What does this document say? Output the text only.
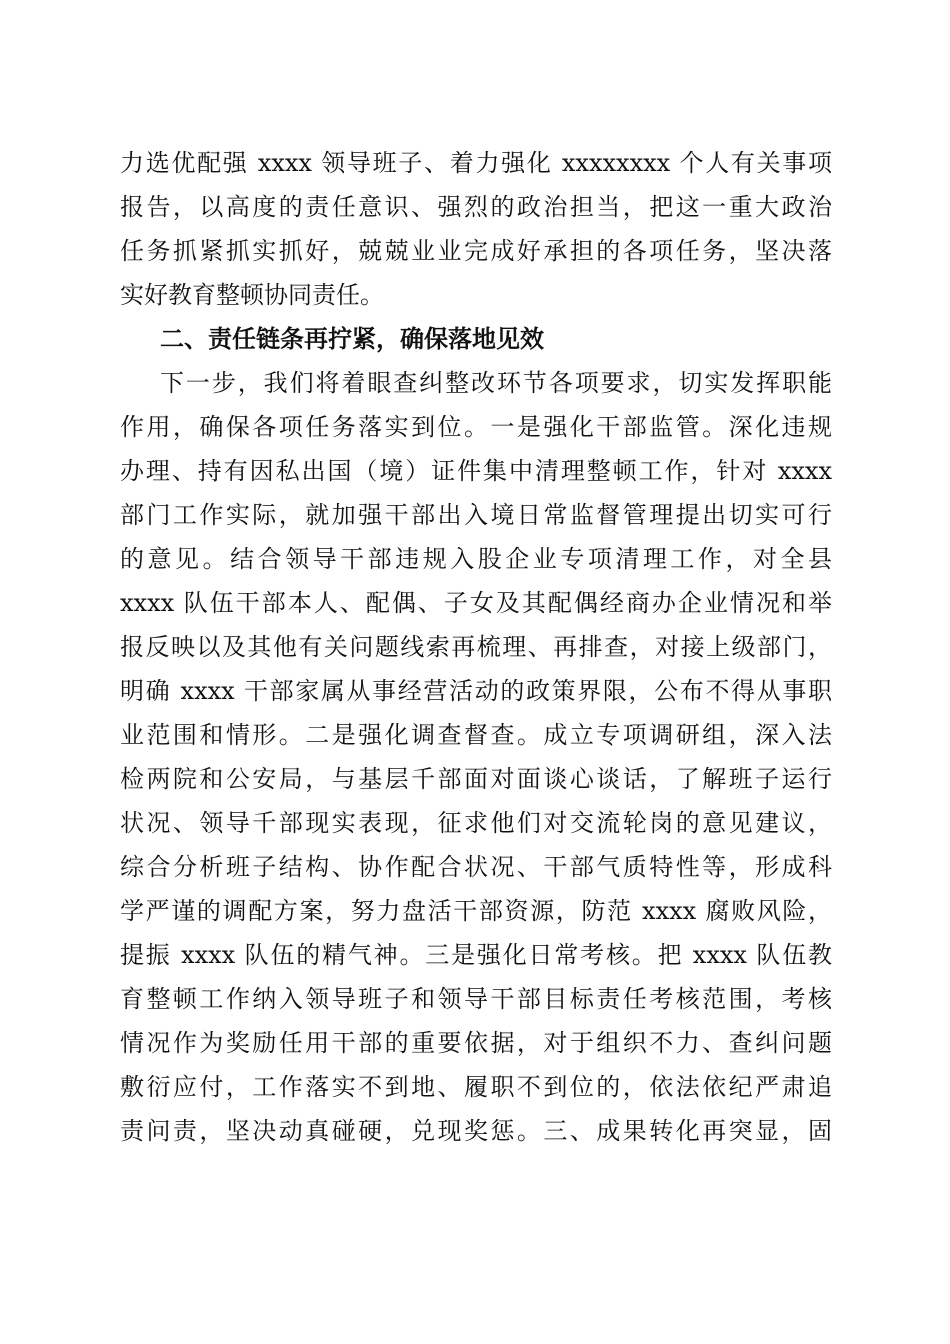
力选优配强 xxxx 领导班子、着力强化 xxxxxxxx 个人有关事项
报告，以高度的责任意识、强烈的政治担当，把这一重大政治
任务抓紧抓实抓好，兢兢业业完成好承担的各项任务，坚决落
实好教育整顿协同责任。
二、责任链条再拧紧，确保落地见效
下一步，我们将着眼查纠整改环节各项要求，切实发挥职能
作用，确保各项任务落实到位。一是强化干部监管。深化违规
办理、持有因私出国（境）证件集中清理整顿工作，针对 xxxx
部门工作实际，就加强干部出入境日常监督管理提出切实可行
的意见。结合领导干部违规入股企业专项清理工作，对全县
xxxx 队伍干部本人、配偶、子女及其配偶经商办企业情况和举
报反映以及其他有关问题线索再梳理、再排查，对接上级部门，
明确 xxxx 干部家属从事经营活动的政策界限，公布不得从事职
业范围和情形。二是强化调查督查。成立专项调研组，深入法
检两院和公安局，与基层千部面对面谈心谈话，了解班子运行
状况、领导千部现实表现，征求他们对交流轮岗的意见建议，
综合分析班子结构、协作配合状况、干部气质特性等，形成科
学严谨的调配方案，努力盘活干部资源，防范 xxxx 腐败风险，
提振 xxxx 队伍的精气神。三是强化日常考核。把 xxxx 队伍教
育整顿工作纳入领导班子和领导干部目标责任考核范围，考核
情况作为奖励任用干部的重要依据，对于组织不力、查纠问题
敷衍应付，工作落实不到地、履职不到位的，依法依纪严肃追
责问责，坚决动真碰硬，兑现奖惩。三、成果转化再突显，固
